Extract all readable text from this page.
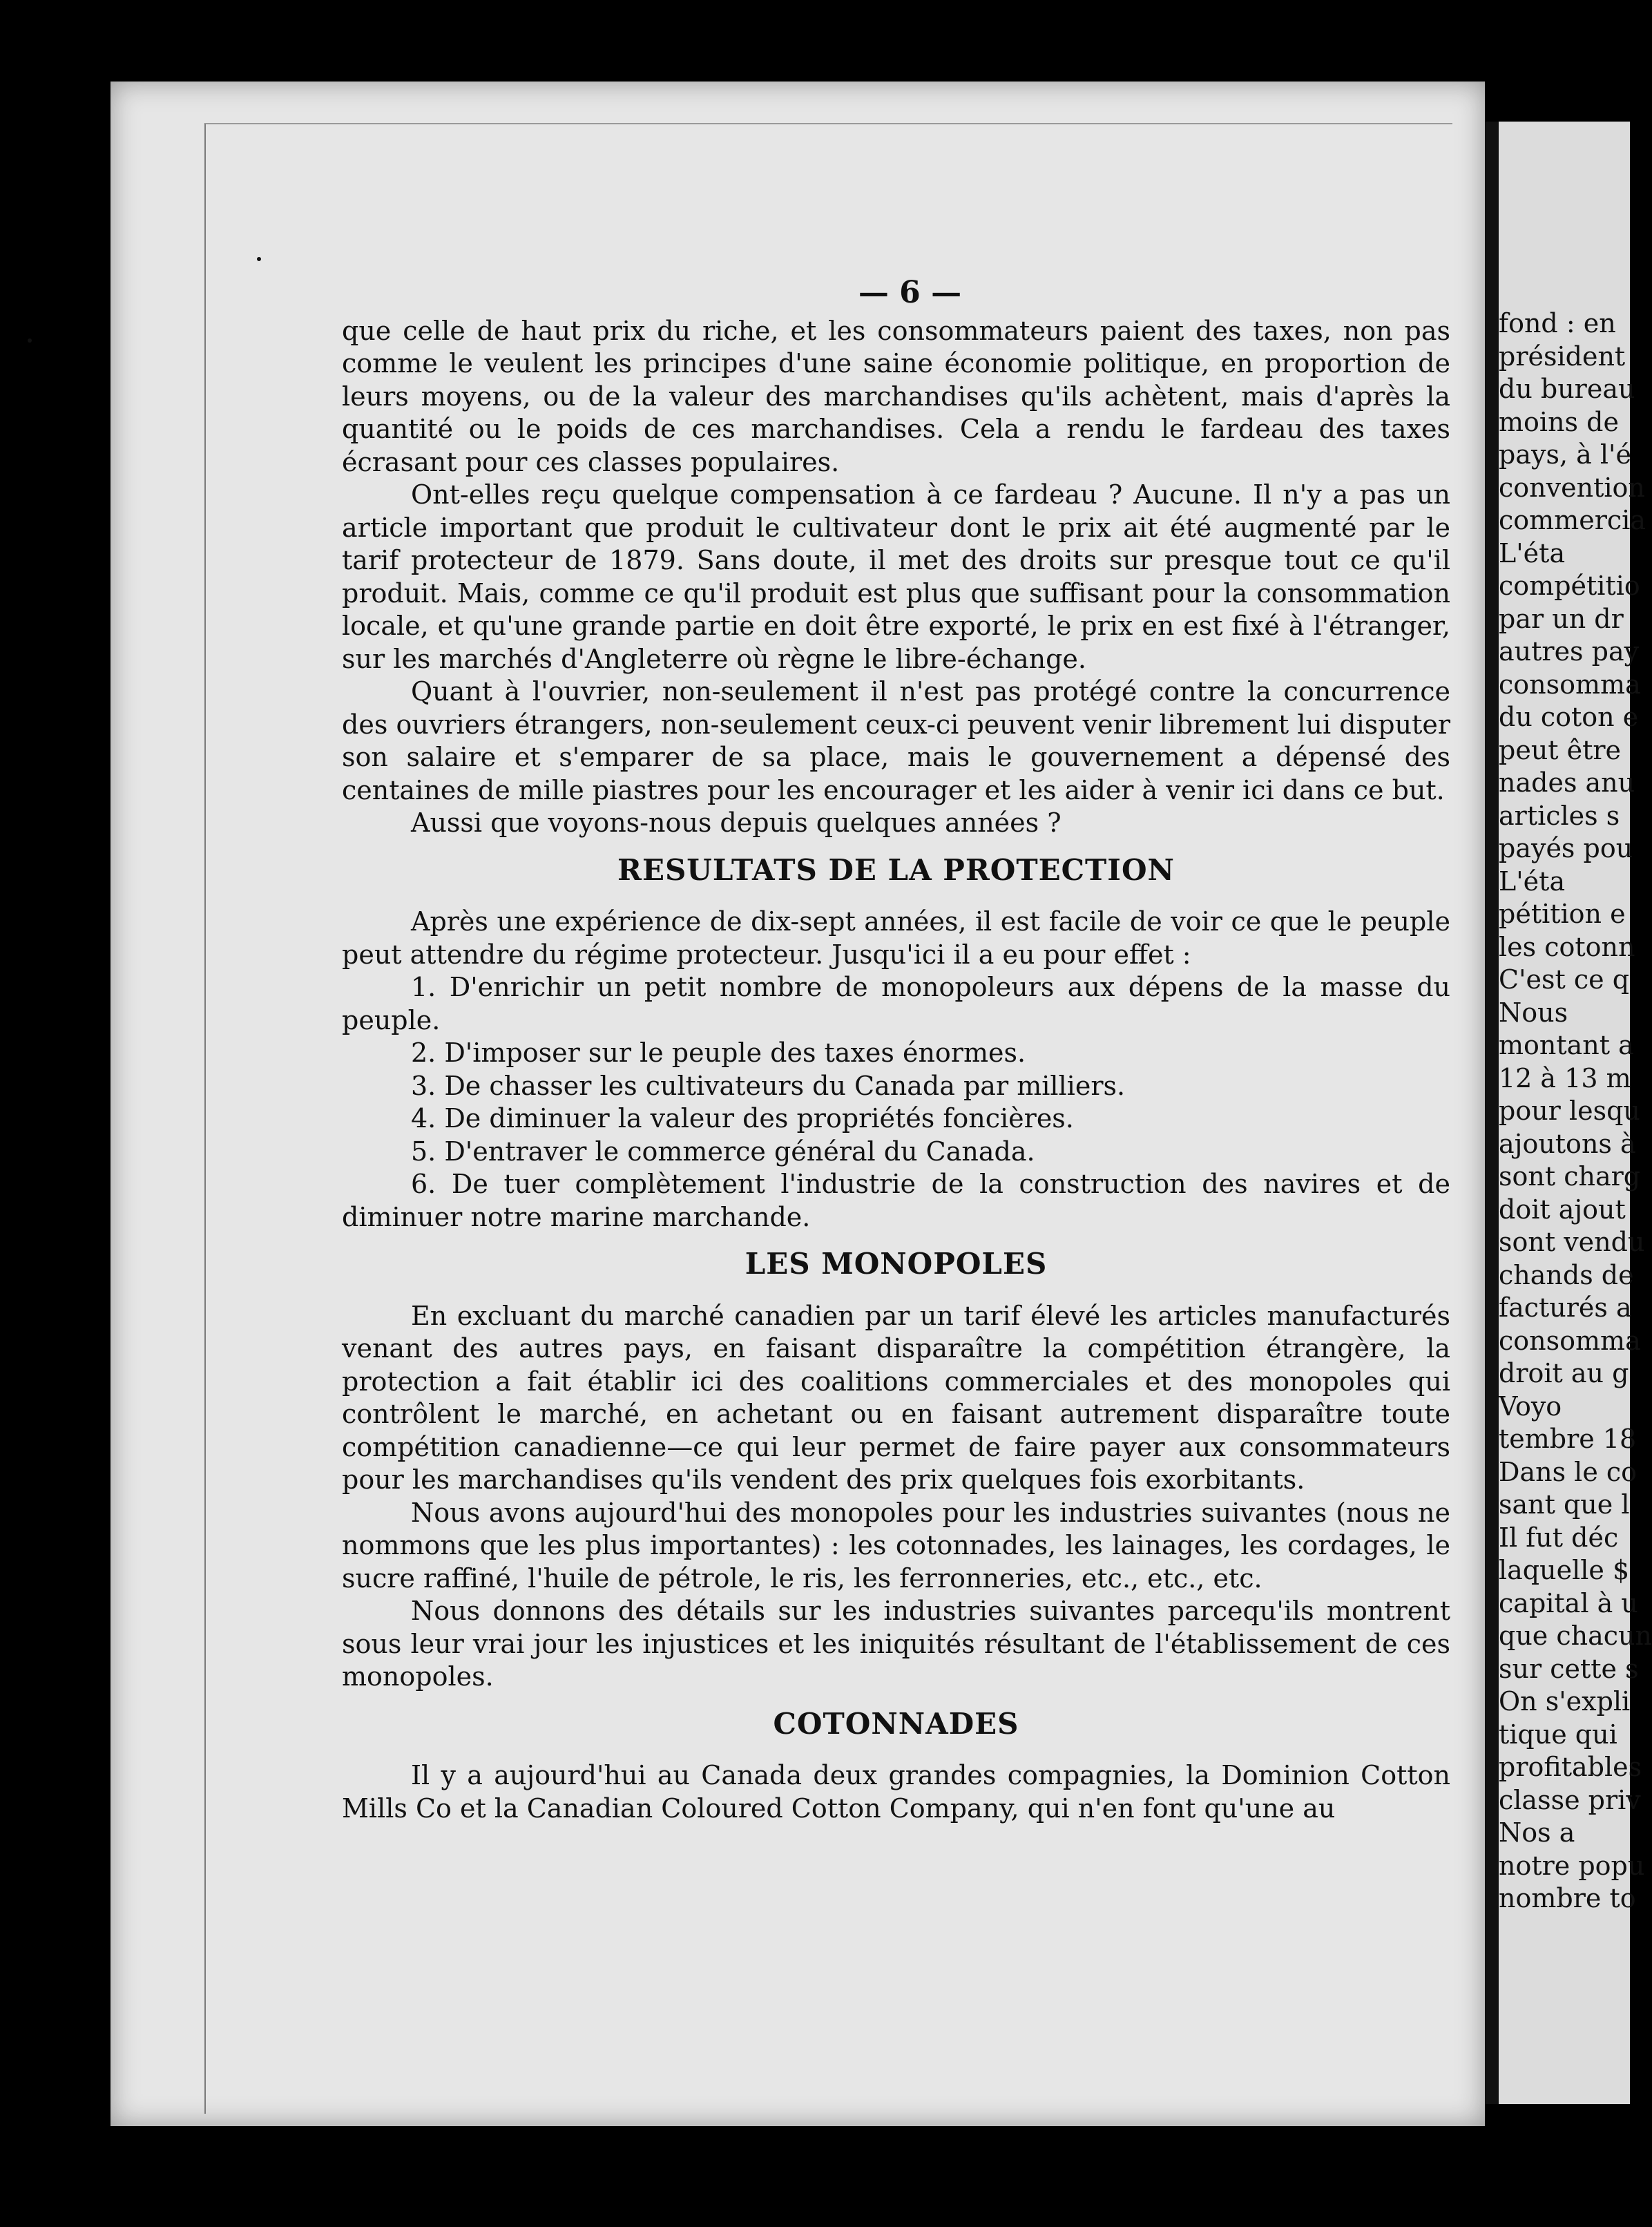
— 6 —

que celle de haut prix du riche, et les consommateurs paient des taxes, non pas comme le veulent les principes d'une saine économie politique, en proportion de leurs moyens, ou de la valeur des marchandises qu'ils achètent, mais d'après la quantité ou le poids de ces marchandises. Cela a rendu le fardeau des taxes écrasant pour ces classes populaires.

Ont-elles reçu quelque compensation à ce fardeau ? Aucune. Il n'y a pas un article important que produit le cultivateur dont le prix ait été augmenté par le tarif protecteur de 1879. Sans doute, il met des droits sur presque tout ce qu'il produit. Mais, comme ce qu'il produit est plus que suffisant pour la consommation locale, et qu'une grande partie en doit être exporté, le prix en est fixé à l'étranger, sur les marchés d'Angleterre où règne le libre-échange.

Quant à l'ouvrier, non-seulement il n'est pas protégé contre la concurrence des ouvriers étrangers, non-seulement ceux-ci peuvent venir librement lui disputer son salaire et s'emparer de sa place, mais le gouvernement a dépensé des centaines de mille piastres pour les encourager et les aider à venir ici dans ce but.

Aussi que voyons-nous depuis quelques années ?

RESULTATS DE LA PROTECTION

Après une expérience de dix-sept années, il est facile de voir ce que le peuple peut attendre du régime protecteur. Jusqu'ici il a eu pour effet :

1. D'enrichir un petit nombre de monopoleurs aux dépens de la masse du peuple.

2. D'imposer sur le peuple des taxes énormes.

3. De chasser les cultivateurs du Canada par milliers.

4. De diminuer la valeur des propriétés foncières.

5. D'entraver le commerce général du Canada.

6. De tuer complètement l'industrie de la construction des navires et de diminuer notre marine marchande.

LES MONOPOLES

En excluant du marché canadien par un tarif élevé les articles manufacturés venant des autres pays, en faisant disparaître la compétition étrangère, la protection a fait établir ici des coalitions commerciales et des monopoles qui contrôlent le marché, en achetant ou en faisant autrement disparaître toute compétition canadienne—ce qui leur permet de faire payer aux consommateurs pour les marchandises qu'ils vendent des prix quelques fois exorbitants.

Nous avons aujourd'hui des monopoles pour les industries suivantes (nous ne nommons que les plus importantes) : les cotonnades, les lainages, les cordages, le sucre raffiné, l'huile de pétrole, le ris, les ferronneries, etc., etc., etc.

Nous donnons des détails sur les industries suivantes parcequ'ils montrent sous leur vrai jour les injustices et les iniquités résultant de l'établissement de ces monopoles.

COTONNADES

Il y a aujourd'hui au Canada deux grandes compagnies, la Dominion Cotton Mills Co et la Canadian Coloured Cotton Company, qui n'en font qu'une au

fond : en
président
du bureau
moins de
pays, à l'é
convention
commercia
L'éta
compétitio
par un dr
autres pay
consomma
du coton e
peut être
nades anu
articles s
payés pou
L'éta
pétition e
les cotonn
C'est ce q
Nous
montant a
12 à 13 m
pour lesqu
ajoutons à
sont charg
doit ajout
sont vendu
chands de
facturés a
consomma
droit au g
Voyo
tembre 18
Dans le co
sant que l
Il fut déc
laquelle $
capital à u
que chacun
sur cette s
On s'expli
tique qui
profitables
classe priv
Nos a
notre popu
nombre to
